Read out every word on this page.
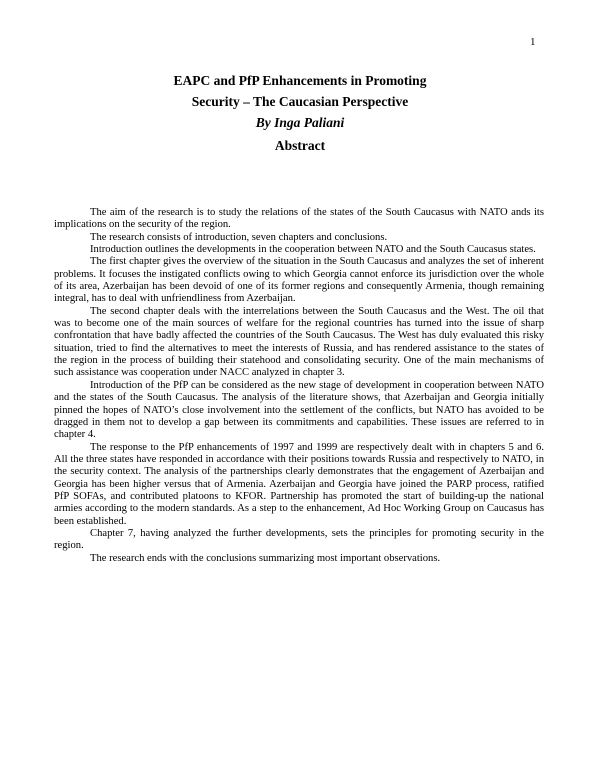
1

EAPC and PfP Enhancements in Promoting

Security – The Caucasian Perspective

By Inga Paliani

Abstract

The aim of the research is to study the relations of the states of the South Caucasus with NATO ands its implications on the security of the region.

The research consists of introduction, seven chapters and conclusions.

Introduction outlines the developments in the cooperation between NATO and the South Caucasus states.

The first chapter gives the overview of the situation in the South Caucasus and analyzes the set of inherent problems. It focuses the instigated conflicts owing to which Georgia cannot enforce its jurisdiction over the whole of its area, Azerbaijan has been devoid of one of its former regions and consequently Armenia, though remaining integral, has to deal with unfriendliness from Azerbaijan.

The second chapter deals with the interrelations between the South Caucasus and the West. The oil that was to become one of the main sources of welfare for the regional countries has turned into the issue of sharp confrontation that have badly affected the countries of the South Caucasus. The West has duly evaluated this risky situation, tried to find the alternatives to meet the interests of Russia, and has rendered assistance to the states of the region in the process of building their statehood and consolidating security. One of the main mechanisms of such assistance was cooperation under NACC analyzed in chapter 3.

Introduction of the PfP can be considered as the new stage of development in cooperation between NATO and the states of the South Caucasus. The analysis of the literature shows, that Azerbaijan and Georgia initially pinned the hopes of NATO’s close involvement into the settlement of the conflicts, but NATO has avoided to be dragged in them not to develop a gap between its commitments and capabilities. These issues are referred to in chapter 4.

The response to the PfP enhancements of 1997 and 1999 are respectively dealt with in chapters 5 and 6. All the three states have responded in accordance with their positions towards Russia and respectively to NATO, in the security context. The analysis of the partnerships clearly demonstrates that the engagement of Azerbaijan and Georgia has been higher versus that of Armenia. Azerbaijan and Georgia have joined the PARP process, ratified PfP SOFAs, and contributed platoons to KFOR. Partnership has promoted the start of building-up the national armies according to the modern standards. As a step to the enhancement, Ad Hoc Working Group on Caucasus has been established.

Chapter 7, having analyzed the further developments, sets the principles for promoting security in the region.

The research ends with the conclusions summarizing most important observations.
